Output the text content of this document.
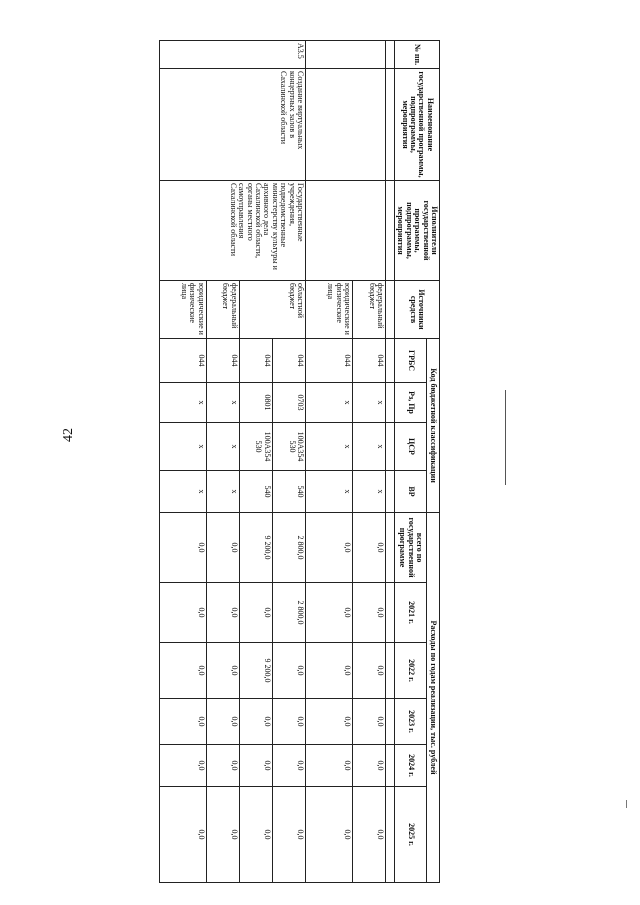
42
№ пп.	Наименование государственной программы, подпрограммы, мероприятия	Исполнители государственной программы, подпрограммы, мероприятия	Источники средств	Код бюджетной классификации				Расходы по годам реализации, тыс. рублей					
				ГРБС	Рз, Пр	ЦСР	ВР	всего по государственной программе	2021 г.	2022 г.	2023 г.	2024 г.	2025 г.

			федеральный бюджет	044	x	x	x	0,0	0,0	0,0	0,0	0,0	0,0
			юридические и физические лица	044	x	x	x	0,0	0,0	0,0	0,0	0,0	0,0
А3.5	Создание виртуальных концертных залов в Сахалинской области	Государственные учреждения, подведомственные министерству культуры и архивного дела Сахалинской области, органы местного самоуправления Сахалинской области	областной бюджет	044	0703	100А354 530	540	2 800,0	2 800,0	0,0	0,0	0,0	0,0
				044	0801	100А354 530	540	9 200,0	0,0	9 200,0	0,0	0,0	0,0
			федеральный бюджет	044	x	x	x	0,0	0,0	0,0	0,0	0,0	0,0
			юридические и физические лица	044	x	x	x	0,0	0,0	0,0	0,0	0,0	0,0
